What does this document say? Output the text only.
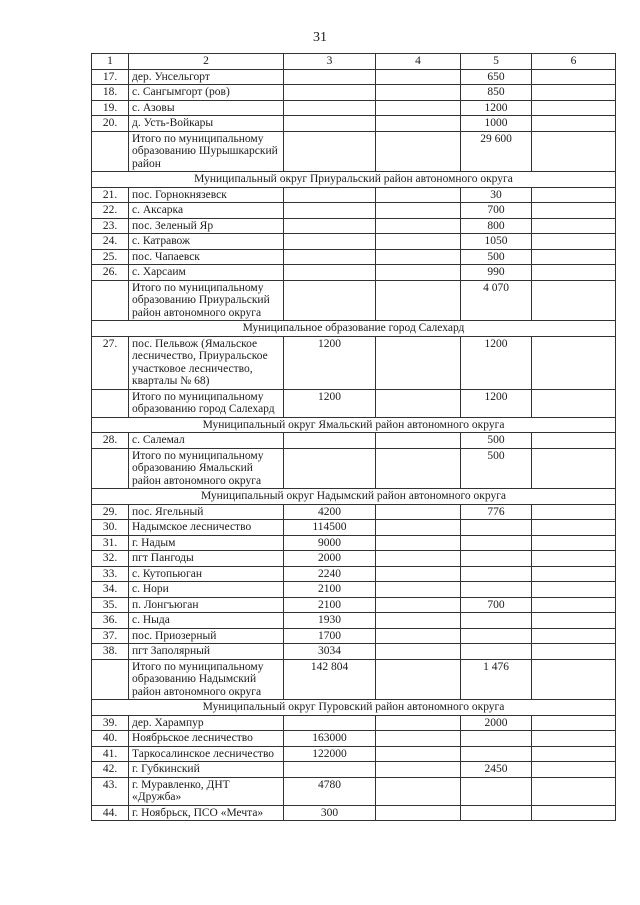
31
1	2	3	4	5	6
17.	дер. Унсельгорт			650	
18.	с. Сангымгорт (ров)			850	
19.	с. Азовы			1200	
20.	д. Усть-Войкары			1000	
	Итого по муниципальному образованию Шурышкарский район			29 600	
Муниципальный округ Приуральский район автономного округа					
21.	пос. Горнокнязевск			30	
22.	с. Аксарка			700	
23.	пос. Зеленый Яр			800	
24.	с. Катравож			1050	
25.	пос. Чапаевск			500	
26.	с. Харсаим			990	
	Итого по муниципальному образованию Приуральский район автономного округа			4 070	
Муниципальное образование город Салехард					
27.	пос. Пельвож (Ямальское лесничество, Приуральское участковое лесничество, кварталы № 68)	1200		1200	
	Итого по муниципальному образованию город Салехард	1200		1200	
Муниципальный округ Ямальский район автономного округа					
28.	с. Салемал			500	
	Итого по муниципальному образованию Ямальский район автономного округа			500	
Муниципальный округ Надымский район автономного округа					
29.	пос. Ягельный	4200		776	
30.	Надымское лесничество	114500			
31.	г. Надым	9000			
32.	пгт Пангоды	2000			
33.	с. Кутопьюган	2240			
34.	с. Нори	2100			
35.	п. Лонгъюган	2100		700	
36.	с. Ныда	1930			
37.	пос. Приозерный	1700			
38.	пгт Заполярный	3034			
	Итого по муниципальному образованию Надымский район автономного округа	142 804		1 476	
Муниципальный округ Пуровский район автономного округа					
39.	дер. Харампур			2000	
40.	Ноябрьское лесничество	163000			
41.	Таркосалинское лесничество	122000			
42.	г. Губкинский			2450	
43.	г. Муравленко, ДНТ «Дружба»	4780			
44.	г. Ноябрьск, ПСО «Мечта»	300			
